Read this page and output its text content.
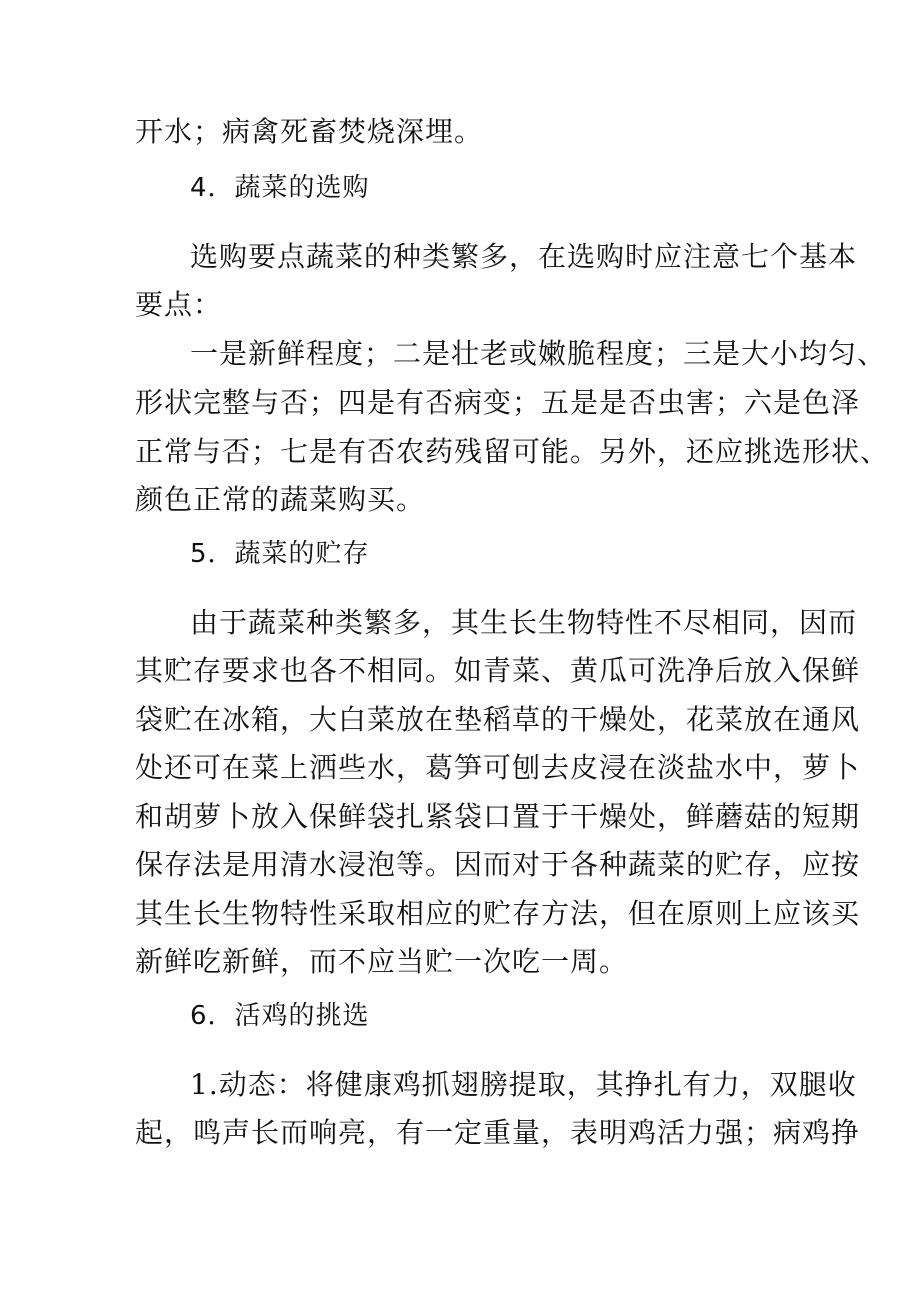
开水；病禽死畜焚烧深埋。
4．蔬菜的选购
选购要点蔬菜的种类繁多，在选购时应注意七个基本
要点：
一是新鲜程度；二是壮老或嫩脆程度；三是大小均匀、
形状完整与否；四是有否病变；五是是否虫害；六是色泽
正常与否；七是有否农药残留可能。另外，还应挑选形状、
颜色正常的蔬菜购买。
5．蔬菜的贮存
由于蔬菜种类繁多，其生长生物特性不尽相同，因而
其贮存要求也各不相同。如青菜、黄瓜可洗净后放入保鲜
袋贮在冰箱，大白菜放在垫稻草的干燥处，花菜放在通风
处还可在菜上洒些水，葛笋可刨去皮浸在淡盐水中，萝卜
和胡萝卜放入保鲜袋扎紧袋口置于干燥处，鲜蘑菇的短期
保存法是用清水浸泡等。因而对于各种蔬菜的贮存，应按
其生长生物特性采取相应的贮存方法，但在原则上应该买
新鲜吃新鲜，而不应当贮一次吃一周。
6．活鸡的挑选
1.动态：将健康鸡抓翅膀提取，其挣扎有力，双腿收
起，鸣声长而响亮，有一定重量，表明鸡活力强；病鸡挣
